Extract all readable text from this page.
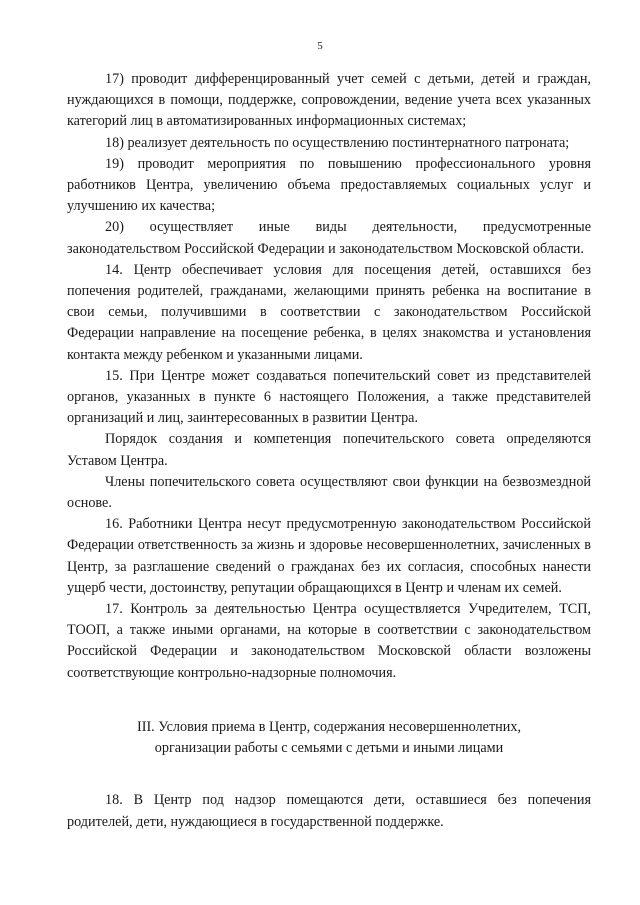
5

17) проводит дифференцированный учет семей с детьми, детей и граждан, нуждающихся в помощи, поддержке, сопровождении, ведение учета всех указанных категорий лиц в автоматизированных информационных системах;

18) реализует деятельность по осуществлению постинтернатного патроната;

19) проводит мероприятия по повышению профессионального уровня работников Центра, увеличению объема предоставляемых социальных услуг и улучшению их качества;

20) осуществляет иные виды деятельности, предусмотренные законодательством Российской Федерации и законодательством Московской области.

14. Центр обеспечивает условия для посещения детей, оставшихся без попечения родителей, гражданами, желающими принять ребенка на воспитание в свои семьи, получившими в соответствии с законодательством Российской Федерации направление на посещение ребенка, в целях знакомства и установления контакта между ребенком и указанными лицами.

15. При Центре может создаваться попечительский совет из представителей органов, указанных в пункте 6 настоящего Положения, а также представителей организаций и лиц, заинтересованных в развитии Центра.

Порядок создания и компетенция попечительского совета определяются Уставом Центра.

Члены попечительского совета осуществляют свои функции на безвозмездной основе.

16. Работники Центра несут предусмотренную законодательством Российской Федерации ответственность за жизнь и здоровье несовершеннолетних, зачисленных в Центр, за разглашение сведений о гражданах без их согласия, способных нанести ущерб чести, достоинству, репутации обращающихся в Центр и членам их семей.

17. Контроль за деятельностью Центра осуществляется Учредителем, ТСП, ТООП, а также иными органами, на которые в соответствии с законодательством Российской Федерации и законодательством Московской области возложены соответствующие контрольно-надзорные полномочия.

III. Условия приема в Центр, содержания несовершеннолетних,

организации работы с семьями с детьми и иными лицами

18. В Центр под надзор помещаются дети, оставшиеся без попечения родителей, дети, нуждающиеся в государственной поддержке.
